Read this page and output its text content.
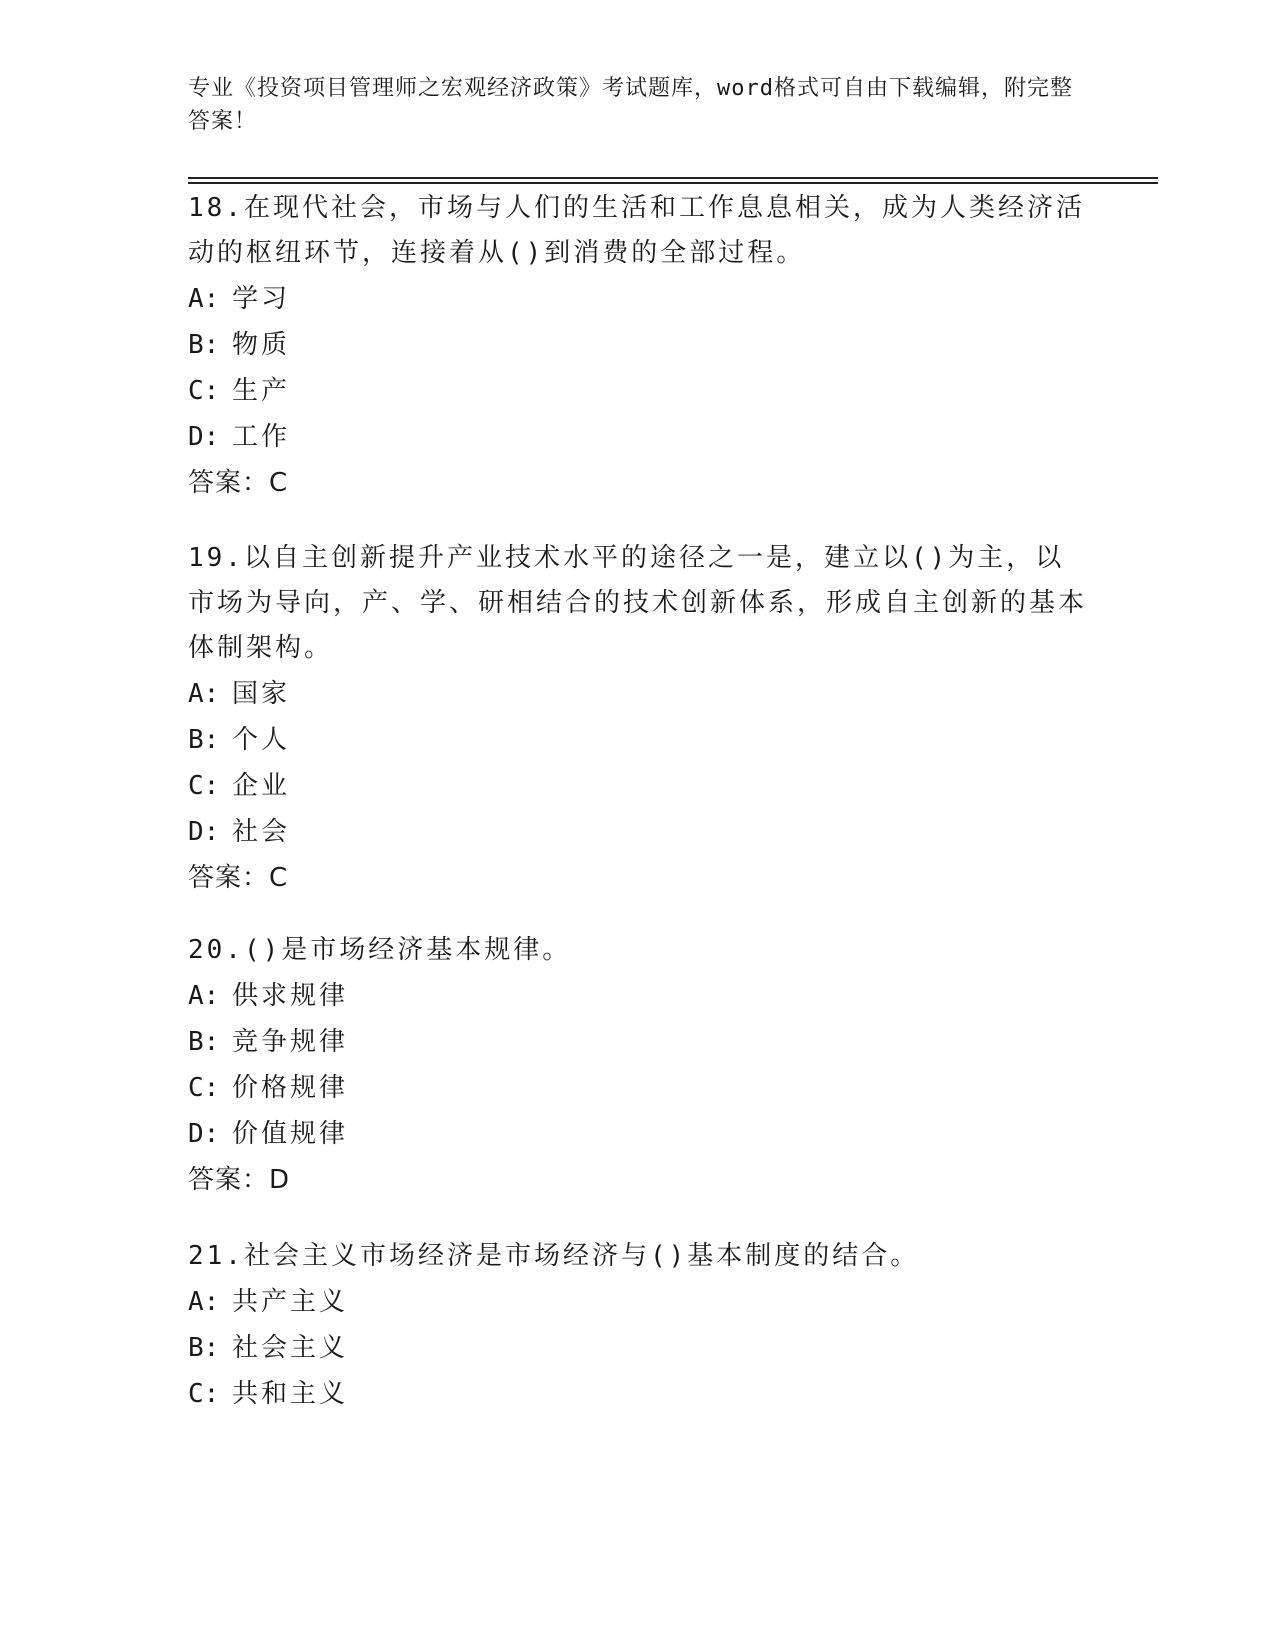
专业《投资项目管理师之宏观经济政策》考试题库，word格式可自由下载编辑，附完整答案！

18.在现代社会，市场与人们的生活和工作息息相关，成为人类经济活动的枢纽环节，连接着从()到消费的全部过程。

A: 学习
B: 物质
C: 生产
D: 工作
答案：C

19.以自主创新提升产业技术水平的途径之一是，建立以()为主，以市场为导向，产、学、研相结合的技术创新体系，形成自主创新的基本体制架构。

A: 国家
B: 个人
C: 企业
D: 社会
答案：C

20.()是市场经济基本规律。

A: 供求规律
B: 竞争规律
C: 价格规律
D: 价值规律
答案：D

21.社会主义市场经济是市场经济与()基本制度的结合。

A: 共产主义
B: 社会主义
C: 共和主义
